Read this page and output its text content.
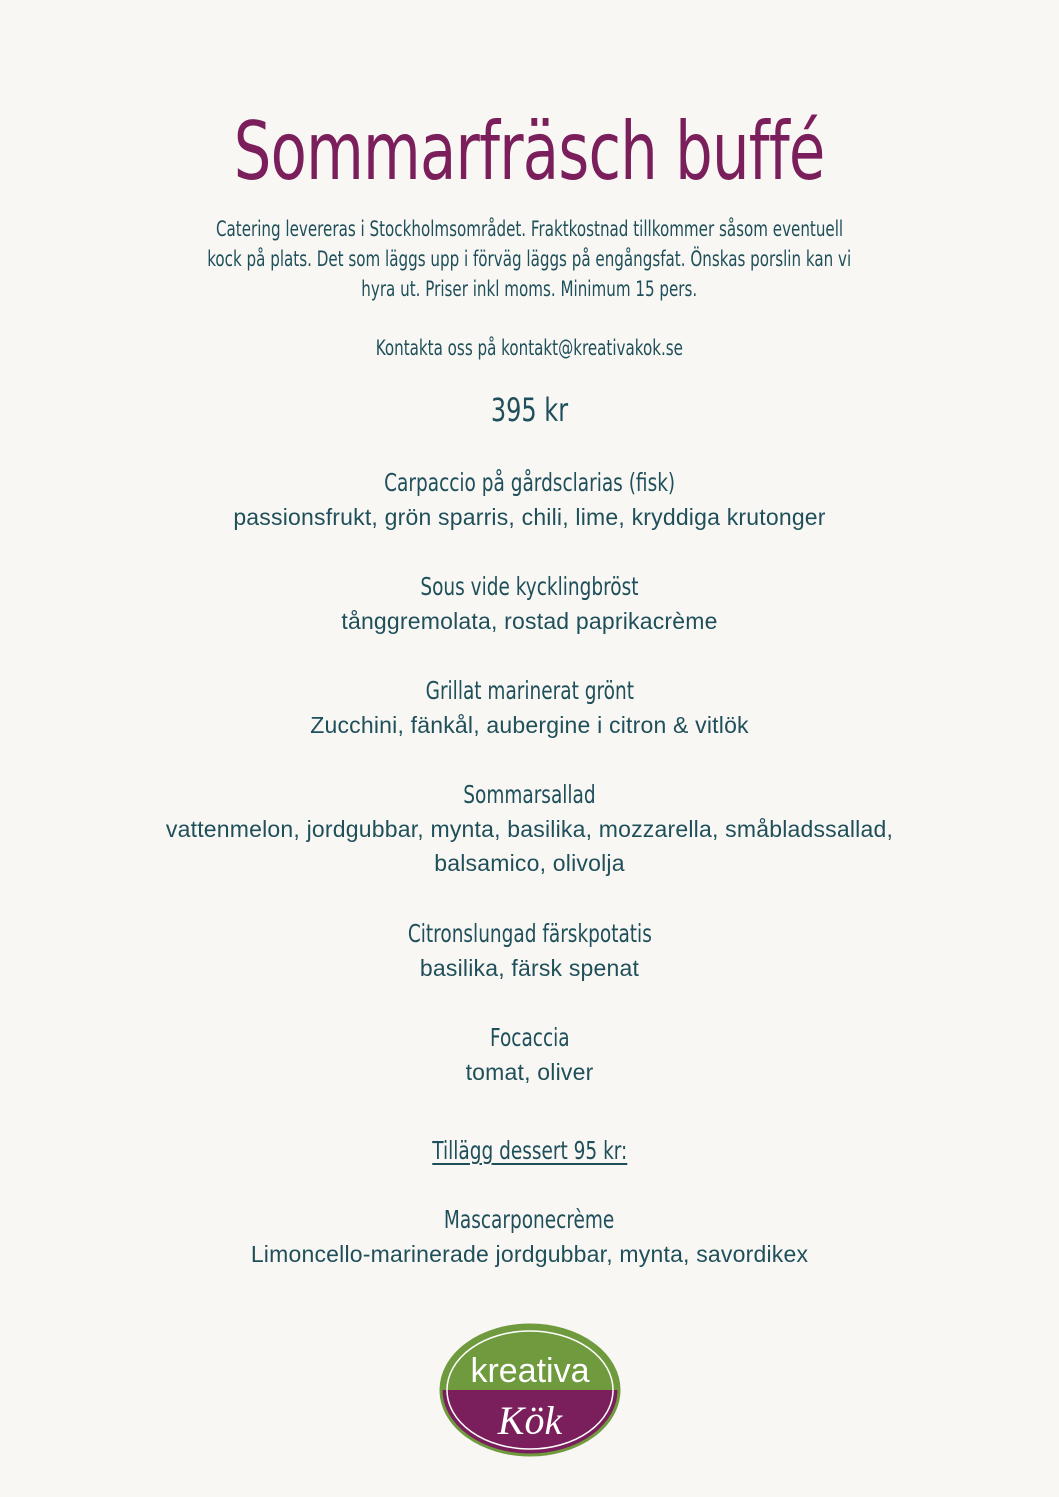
Sommarfräsch buffé
Catering levereras i Stockholmsområdet. Fraktkostnad tillkommer såsom eventuell
kock på plats. Det som läggs upp i förväg läggs på engångsfat. Önskas porslin kan vi
hyra ut. Priser inkl moms. Minimum 15 pers.
Kontakta oss på kontakt@kreativakok.se
395 kr
Carpaccio på gårdsclarias (fisk)
passionsfrukt, grön sparris, chili, lime, kryddiga krutonger
Sous vide kycklingbröst
tånggremolata, rostad paprikacrème
Grillat marinerat grönt
Zucchini, fänkål, aubergine i citron & vitlök
Sommarsallad
vattenmelon, jordgubbar, mynta, basilika, mozzarella, småbladssallad,
balsamico, olivolja
Citronslungad färskpotatis
basilika, färsk spenat
Focaccia
tomat, oliver
Tillägg dessert 95 kr:
Mascarponecrème
Limoncello-marinerade jordgubbar, mynta, savordikex
kreativa
Kök
